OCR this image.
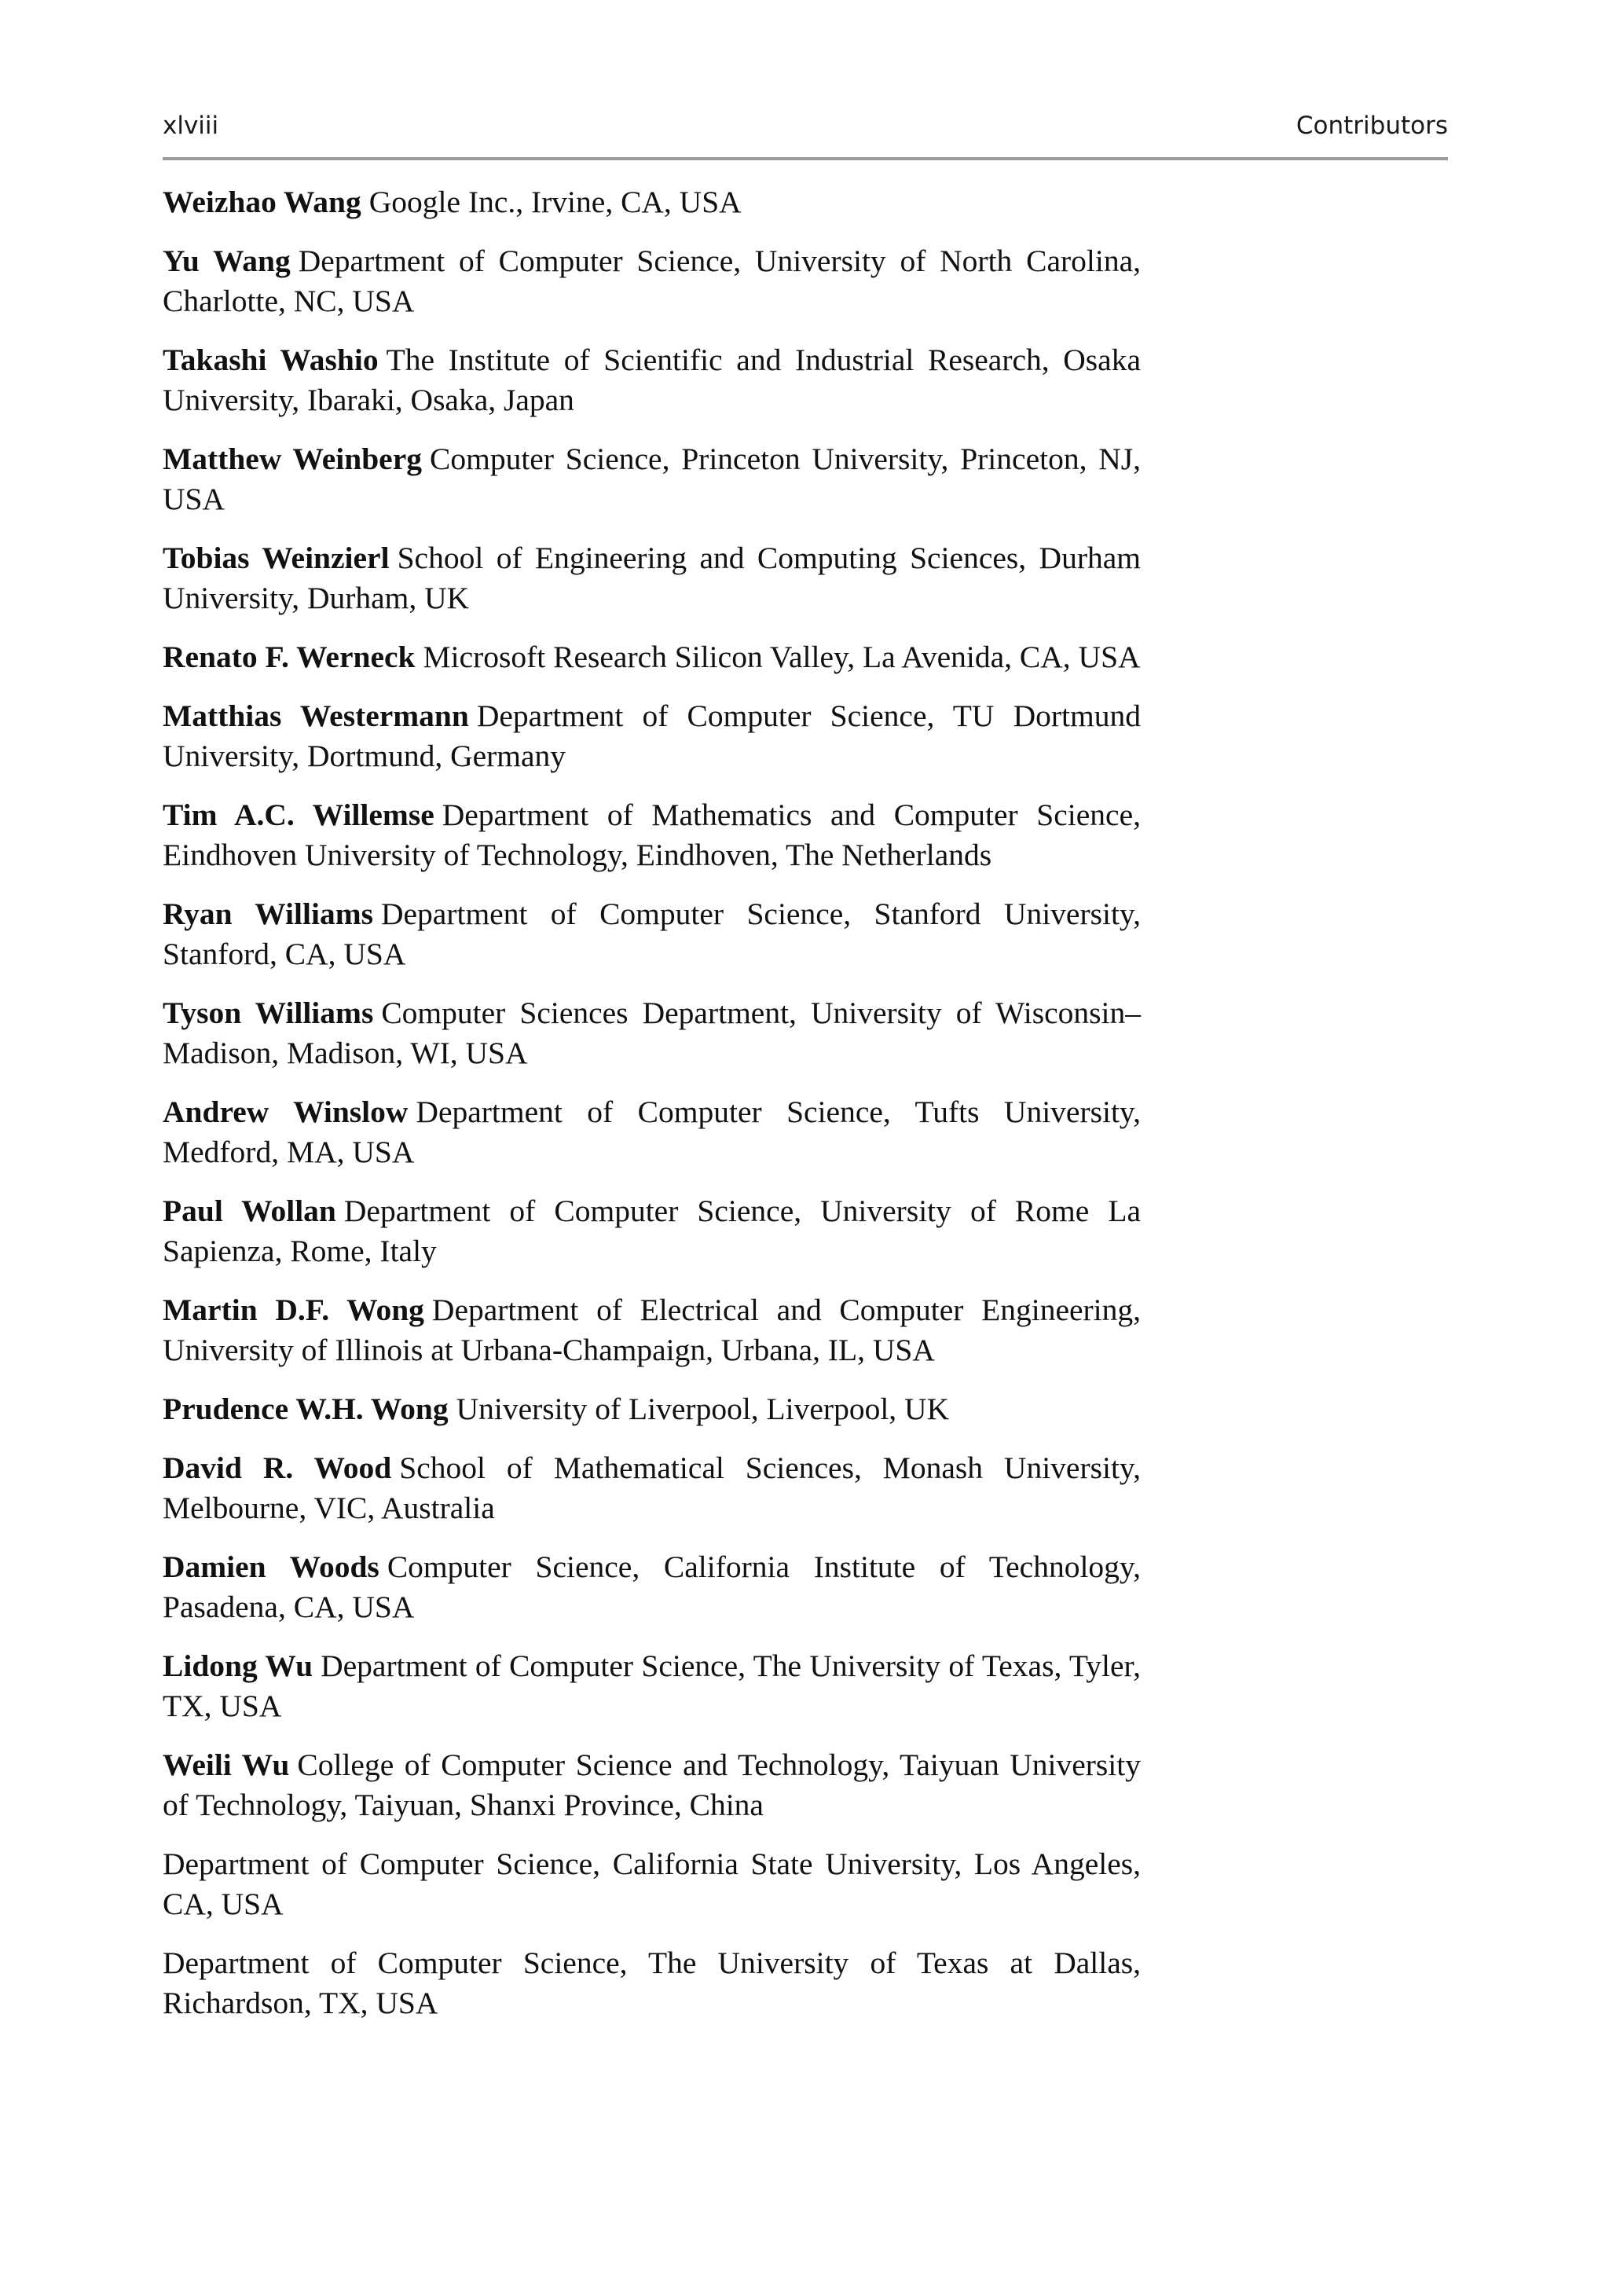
xlviii	Contributors

Weizhao Wang Google Inc., Irvine, CA, USA

Yu Wang Department of Computer Science, University of North Carolina, Charlotte, NC, USA

Takashi Washio The Institute of Scientific and Industrial Research, Osaka University, Ibaraki, Osaka, Japan

Matthew Weinberg Computer Science, Princeton University, Princeton, NJ, USA

Tobias Weinzierl School of Engineering and Computing Sciences, Durham University, Durham, UK

Renato F. Werneck Microsoft Research Silicon Valley, La Avenida, CA, USA

Matthias Westermann Department of Computer Science, TU Dortmund University, Dortmund, Germany

Tim A.C. Willemse Department of Mathematics and Computer Science, Eindhoven University of Technology, Eindhoven, The Netherlands

Ryan Williams Department of Computer Science, Stanford University, Stanford, CA, USA

Tyson Williams Computer Sciences Department, University of Wisconsin–Madison, Madison, WI, USA

Andrew Winslow Department of Computer Science, Tufts University, Medford, MA, USA

Paul Wollan Department of Computer Science, University of Rome La Sapienza, Rome, Italy

Martin D.F. Wong Department of Electrical and Computer Engineering, University of Illinois at Urbana-Champaign, Urbana, IL, USA

Prudence W.H. Wong University of Liverpool, Liverpool, UK

David R. Wood School of Mathematical Sciences, Monash University, Melbourne, VIC, Australia

Damien Woods Computer Science, California Institute of Technology, Pasadena, CA, USA

Lidong Wu Department of Computer Science, The University of Texas, Tyler, TX, USA

Weili Wu College of Computer Science and Technology, Taiyuan University of Technology, Taiyuan, Shanxi Province, China

Department of Computer Science, California State University, Los Angeles, CA, USA

Department of Computer Science, The University of Texas at Dallas, Richardson, TX, USA
